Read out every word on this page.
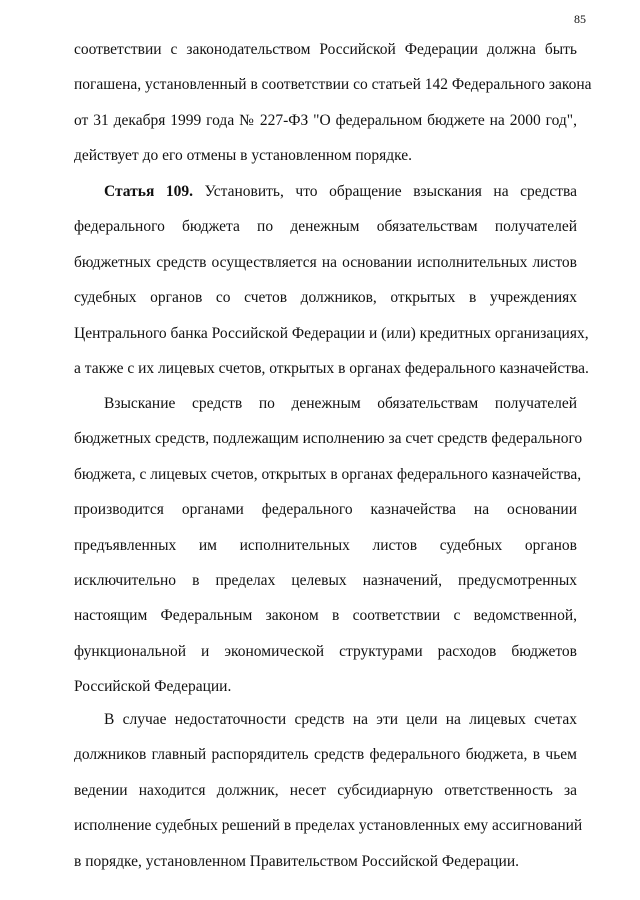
85

соответствии с законодательством Российской Федерации должна быть
погашена, установленный в соответствии со статьей 142 Федерального закона
от 31 декабря 1999 года № 227-ФЗ "О федеральном бюджете на 2000 год",
действует до его отмены в установленном порядке.

Статья 109. Установить, что обращение взыскания на средства
федерального бюджета по денежным обязательствам получателей
бюджетных средств осуществляется на основании исполнительных листов
судебных органов со счетов должников, открытых в учреждениях
Центрального банка Российской Федерации и (или) кредитных организациях,
а также с их лицевых счетов, открытых в органах федерального казначейства.

Взыскание средств по денежным обязательствам получателей
бюджетных средств, подлежащим исполнению за счет средств федерального
бюджета, с лицевых счетов, открытых в органах федерального казначейства,
производится органами федерального казначейства на основании
предъявленных им исполнительных листов судебных органов
исключительно в пределах целевых назначений, предусмотренных
настоящим Федеральным законом в соответствии с ведомственной,
функциональной и экономической структурами расходов бюджетов
Российской Федерации.

В случае недостаточности средств на эти цели на лицевых счетах
должников главный распорядитель средств федерального бюджета, в чьем
ведении находится должник, несет субсидиарную ответственность за
исполнение судебных решений в пределах установленных ему ассигнований
в порядке, установленном Правительством Российской Федерации.
